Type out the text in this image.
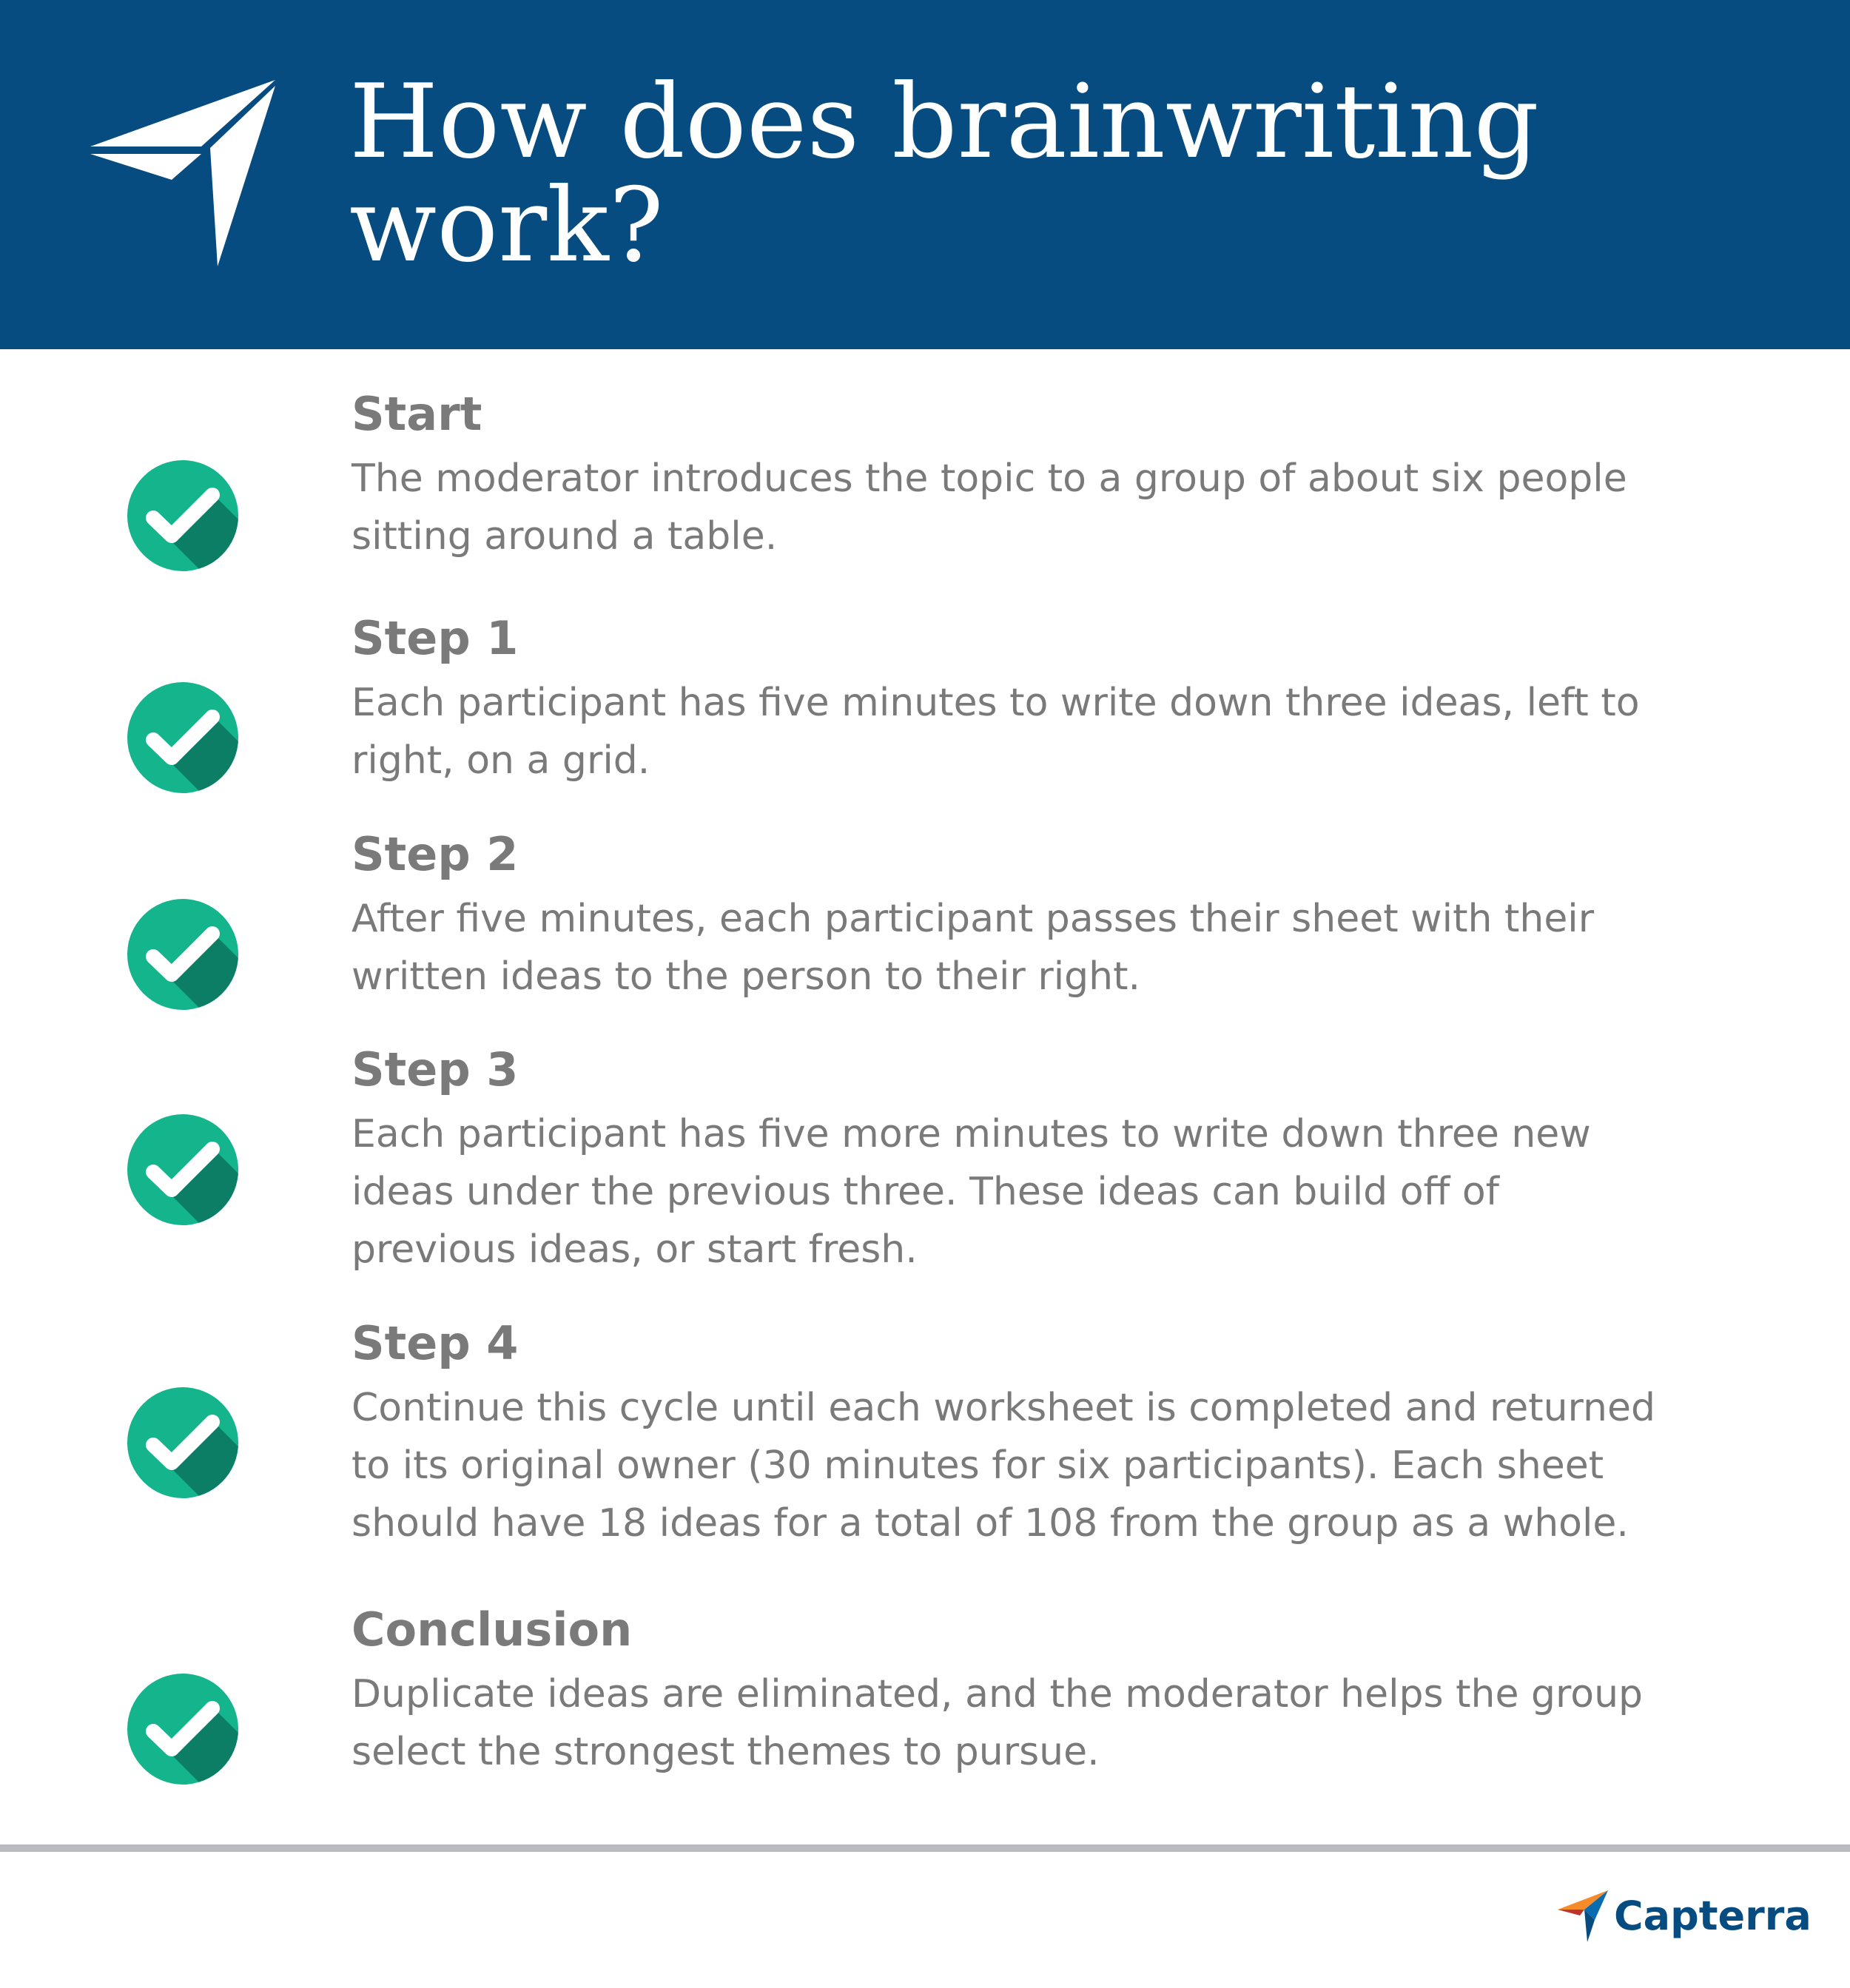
How does brainwriting
work?
Start
The moderator introduces the topic to a group of about six people
sitting around a table.
Step 1
Each participant has five minutes to write down three ideas, left to
right, on a grid.
Step 2
After five minutes, each participant passes their sheet with their
written ideas to the person to their right.
Step 3
Each participant has five more minutes to write down three new
ideas under the previous three. These ideas can build off of
previous ideas, or start fresh.
Step 4
Continue this cycle until each worksheet is completed and returned
to its original owner (30 minutes for six participants). Each sheet
should have 18 ideas for a total of 108 from the group as a whole.
Conclusion
Duplicate ideas are eliminated, and the moderator helps the group
select the strongest themes to pursue.
Capterra
